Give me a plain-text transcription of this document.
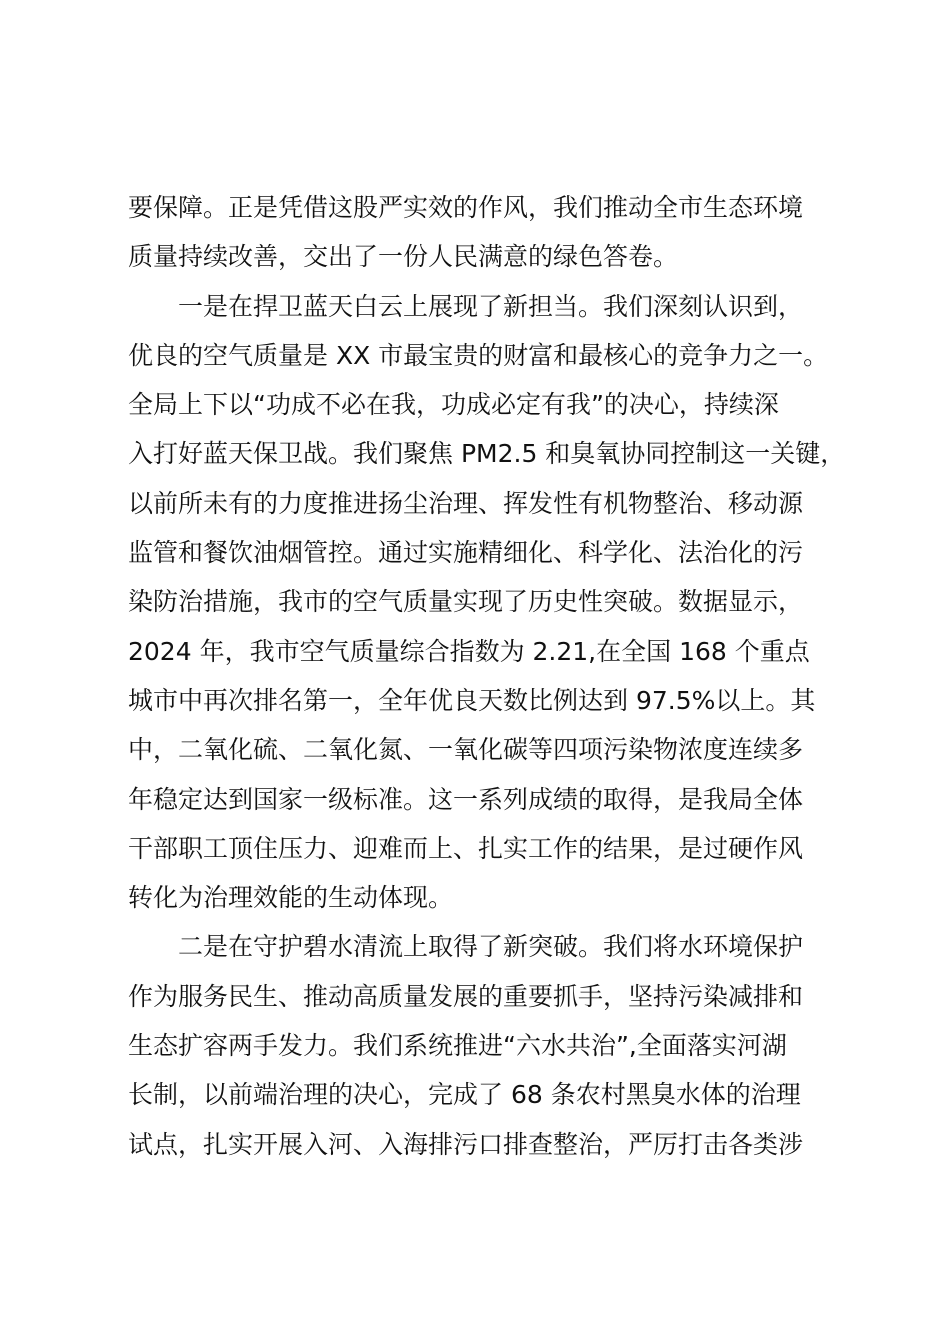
要保障。正是凭借这股严实效的作风，我们推动全市生态环境
质量持续改善，交出了一份人民满意的绿色答卷。
一是在捍卫蓝天白云上展现了新担当。我们深刻认识到，
优良的空气质量是 XX 市最宝贵的财富和最核心的竞争力之一。
全局上下以“功成不必在我，功成必定有我”的决心，持续深
入打好蓝天保卫战。我们聚焦 PM2.5 和臭氧协同控制这一关键，
以前所未有的力度推进扬尘治理、挥发性有机物整治、移动源
监管和餐饮油烟管控。通过实施精细化、科学化、法治化的污
染防治措施，我市的空气质量实现了历史性突破。数据显示，
2024 年，我市空气质量综合指数为 2.21,在全国 168 个重点
城市中再次排名第一，全年优良天数比例达到 97.5%以上。其
中，二氧化硫、二氧化氮、一氧化碳等四项污染物浓度连续多
年稳定达到国家一级标准。这一系列成绩的取得，是我局全体
干部职工顶住压力、迎难而上、扎实工作的结果，是过硬作风
转化为治理效能的生动体现。
二是在守护碧水清流上取得了新突破。我们将水环境保护
作为服务民生、推动高质量发展的重要抓手，坚持污染减排和
生态扩容两手发力。我们系统推进“六水共治”,全面落实河湖
长制，以前端治理的决心，完成了 68 条农村黑臭水体的治理
试点，扎实开展入河、入海排污口排查整治，严厉打击各类涉
